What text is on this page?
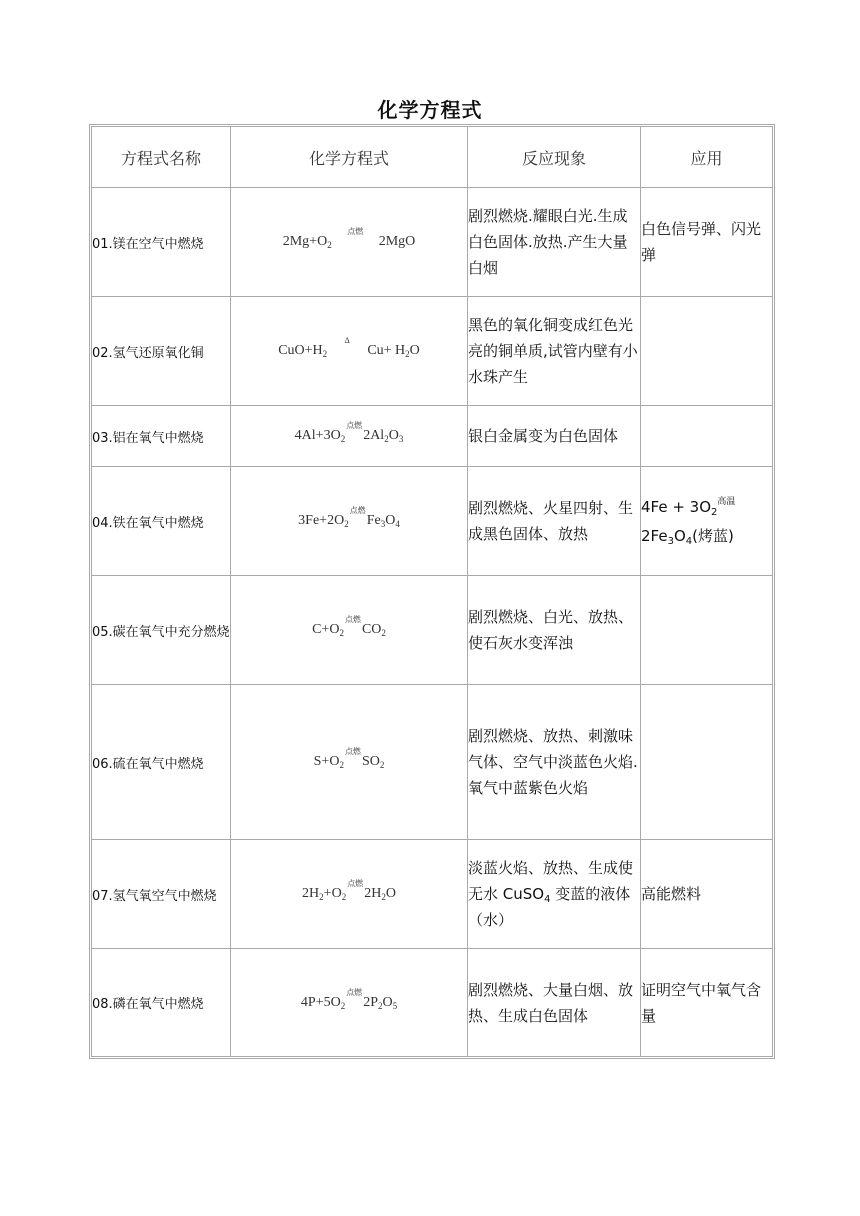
化学方程式
方程式名称	化学方程式	反应现象	应用
01.镁在空气中燃烧	$2Mg+O_2$ $^{点燃}$ 2MgO	剧烈燃烧.耀眼白光.生成白色固体.放热.产生大量白烟	白色信号弹、闪光弹
02.氢气还原氧化铜	$CuO+H_2$ $^\Delta$ $Cu+ H_2O$	黑色的氧化铜变成红色光亮的铜单质,试管内壁有小水珠产生	
03.铝在氧气中燃烧	$4Al+3O_2^{点燃}2Al_2O_3$	银白金属变为白色固体	
04.铁在氧气中燃烧	$3Fe+2O_2^{点燃}Fe_3O_4$	剧烈燃烧、火星四射、生成黑色固体、放热	$4Fe + 3O_2^{高温}$
$2Fe_3O_4$(烤蓝)
05.碳在氧气中充分燃烧	$C+O_2^{点燃}CO_2$	剧烈燃烧、白光、放热、使石灰水变浑浊	
06.硫在氧气中燃烧	$S+O_2^{点燃}SO_2$	剧烈燃烧、放热、刺激味气体、空气中淡蓝色火焰.氧气中蓝紫色火焰	
07.氢气氧空气中燃烧	$2H_2+O_2^{点燃}2H_2O$	淡蓝火焰、放热、生成使无水 CuSO$_4$ 变蓝的液体（水）	高能燃料
08.磷在氧气中燃烧	$4P+5O_2^{点燃}2P_2O_5$	剧烈燃烧、大量白烟、放热、生成白色固体	证明空气中氧气含量
